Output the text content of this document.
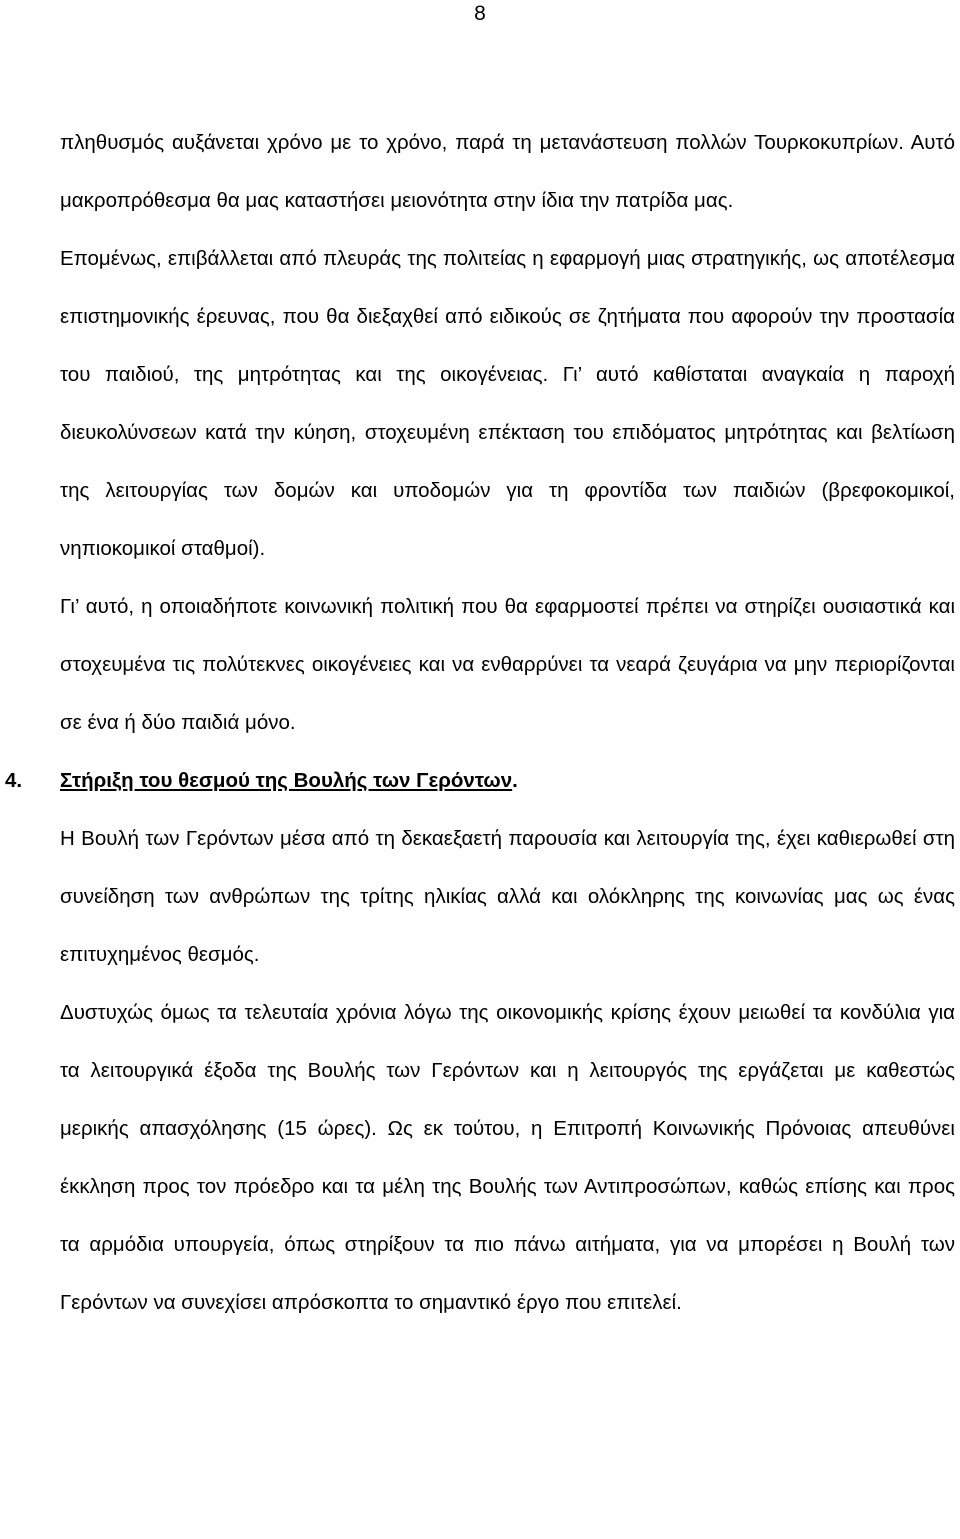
8

πληθυσμός αυξάνεται χρόνο με το χρόνο, παρά τη μετανάστευση πολλών Τουρκοκυπρίων. Αυτό μακροπρόθεσμα θα μας καταστήσει μειονότητα στην ίδια την πατρίδα μας.

Επομένως, επιβάλλεται από πλευράς της πολιτείας η εφαρμογή μιας στρατηγικής, ως αποτέλεσμα επιστημονικής έρευνας, που θα διεξαχθεί από ειδικούς σε ζητήματα που αφορούν την προστασία του παιδιού, της μητρότητας και της οικογένειας. Γι’ αυτό καθίσταται αναγκαία η παροχή διευκολύνσεων κατά την κύηση, στοχευμένη επέκταση του επιδόματος μητρότητας και βελτίωση της λειτουργίας των δομών και υποδομών για τη φροντίδα των παιδιών (βρεφοκομικοί, νηπιοκομικοί σταθμοί).

Γι’ αυτό, η οποιαδήποτε κοινωνική πολιτική που θα εφαρμοστεί πρέπει να στηρίζει ουσιαστικά και στοχευμένα τις πολύτεκνες οικογένειες και να ενθαρρύνει τα νεαρά ζευγάρια να μην περιορίζονται σε ένα ή δύο παιδιά μόνο.

4.	Στήριξη του θεσμού της Βουλής των Γερόντων.

Η Βουλή των Γερόντων μέσα από τη δεκαεξαετή παρουσία και λειτουργία της, έχει καθιερωθεί στη συνείδηση των ανθρώπων της τρίτης ηλικίας αλλά και ολόκληρης της κοινωνίας μας ως ένας επιτυχημένος θεσμός.

Δυστυχώς όμως τα τελευταία χρόνια λόγω της οικονομικής κρίσης έχουν μειωθεί τα κονδύλια για τα λειτουργικά έξοδα της Βουλής των Γερόντων και η λειτουργός της εργάζεται με καθεστώς μερικής απασχόλησης (15 ώρες). Ως εκ τούτου, η Επιτροπή Κοινωνικής Πρόνοιας απευθύνει έκκληση προς τον πρόεδρο και τα μέλη της Βουλής των Αντιπροσώπων, καθώς επίσης και προς τα αρμόδια υπουργεία, όπως στηρίξουν τα πιο πάνω αιτήματα, για να μπορέσει η Βουλή των Γερόντων να συνεχίσει απρόσκοπτα το σημαντικό έργο που επιτελεί.
